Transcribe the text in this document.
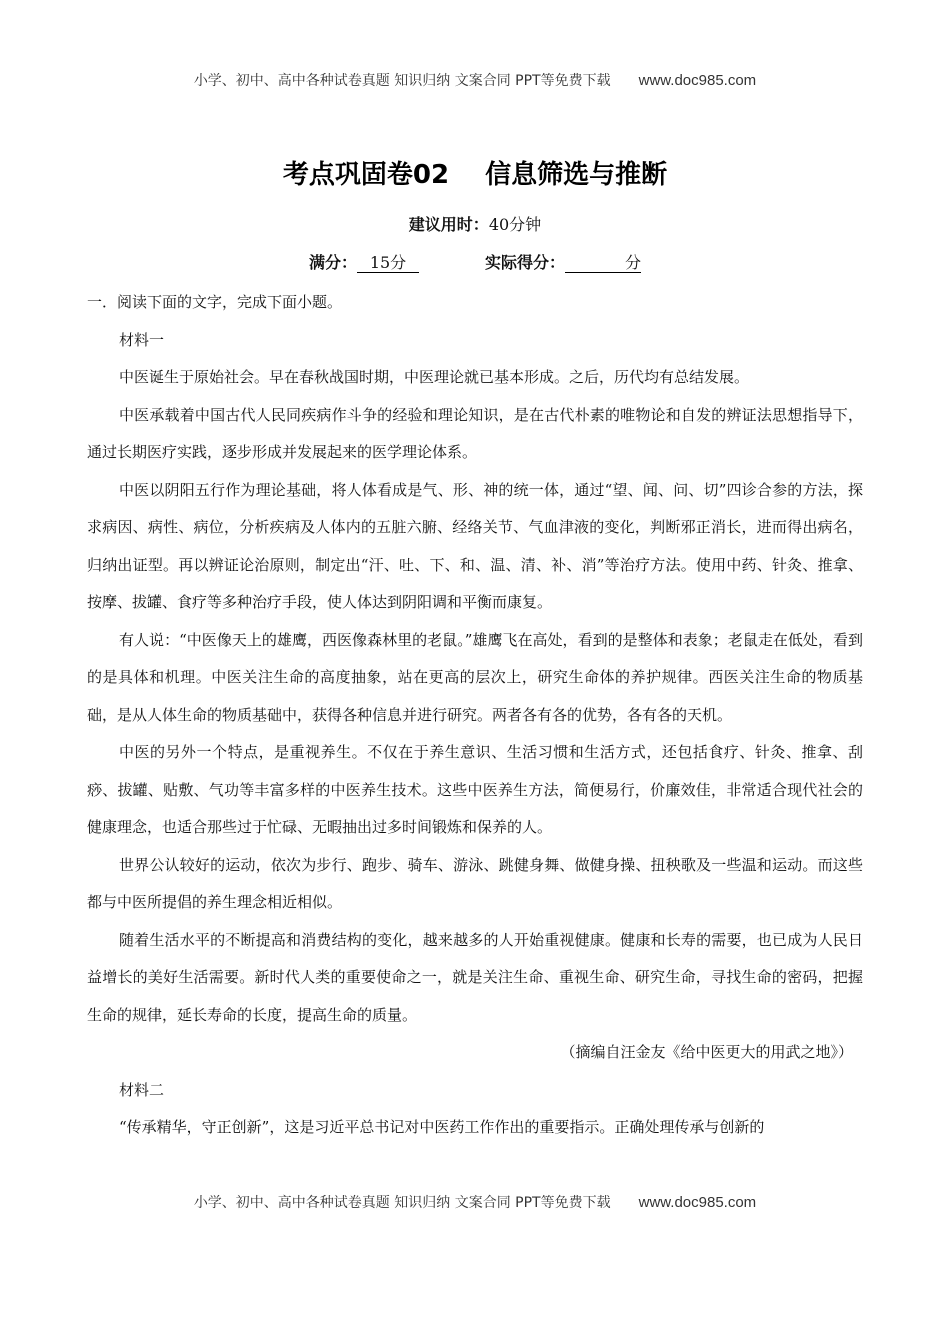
小学、初中、高中各种试卷真题 知识归纳 文案合同 PPT等免费下载 www.doc985.com
考点巩固卷02 信息筛选与推断
建议用时：40分钟
满分： 15分	实际得分：	分

一．阅读下面的文字，完成下面小题。

材料一

中医诞生于原始社会。早在春秋战国时期，中医理论就已基本形成。之后，历代均有总结发展。

中医承载着中国古代人民同疾病作斗争的经验和理论知识，是在古代朴素的唯物论和自发的辨证法思想指导下，通过长期医疗实践，逐步形成并发展起来的医学理论体系。

中医以阴阳五行作为理论基础，将人体看成是气、形、神的统一体，通过“望、闻、问、切”四诊合参的方法，探求病因、病性、病位，分析疾病及人体内的五脏六腑、经络关节、气血津液的变化，判断邪正消长，进而得出病名，归纳出证型。再以辨证论治原则，制定出“汗、吐、下、和、温、清、补、消”等治疗方法。使用中药、针灸、推拿、按摩、拔罐、食疗等多种治疗手段，使人体达到阴阳调和平衡而康复。

有人说：“中医像天上的雄鹰，西医像森林里的老鼠。”雄鹰飞在高处，看到的是整体和表象；老鼠走在低处，看到的是具体和机理。中医关注生命的高度抽象，站在更高的层次上，研究生命体的养护规律。西医关注生命的物质基础，是从人体生命的物质基础中，获得各种信息并进行研究。两者各有各的优势，各有各的天机。

中医的另外一个特点，是重视养生。不仅在于养生意识、生活习惯和生活方式，还包括食疗、针灸、推拿、刮痧、拔罐、贴敷、气功等丰富多样的中医养生技术。这些中医养生方法，简便易行，价廉效佳，非常适合现代社会的健康理念，也适合那些过于忙碌、无暇抽出过多时间锻炼和保养的人。

世界公认较好的运动，依次为步行、跑步、骑车、游泳、跳健身舞、做健身操、扭秧歌及一些温和运动。而这些都与中医所提倡的养生理念相近相似。

随着生活水平的不断提高和消费结构的变化，越来越多的人开始重视健康。健康和长寿的需要，也已成为人民日益增长的美好生活需要。新时代人类的重要使命之一，就是关注生命、重视生命、研究生命，寻找生命的密码，把握生命的规律，延长寿命的长度，提高生命的质量。

（摘编自汪金友《给中医更大的用武之地》）

材料二

“传承精华，守正创新”，这是习近平总书记对中医药工作作出的重要指示。正确处理传承与创新的

小学、初中、高中各种试卷真题 知识归纳 文案合同 PPT等免费下载 www.doc985.com
